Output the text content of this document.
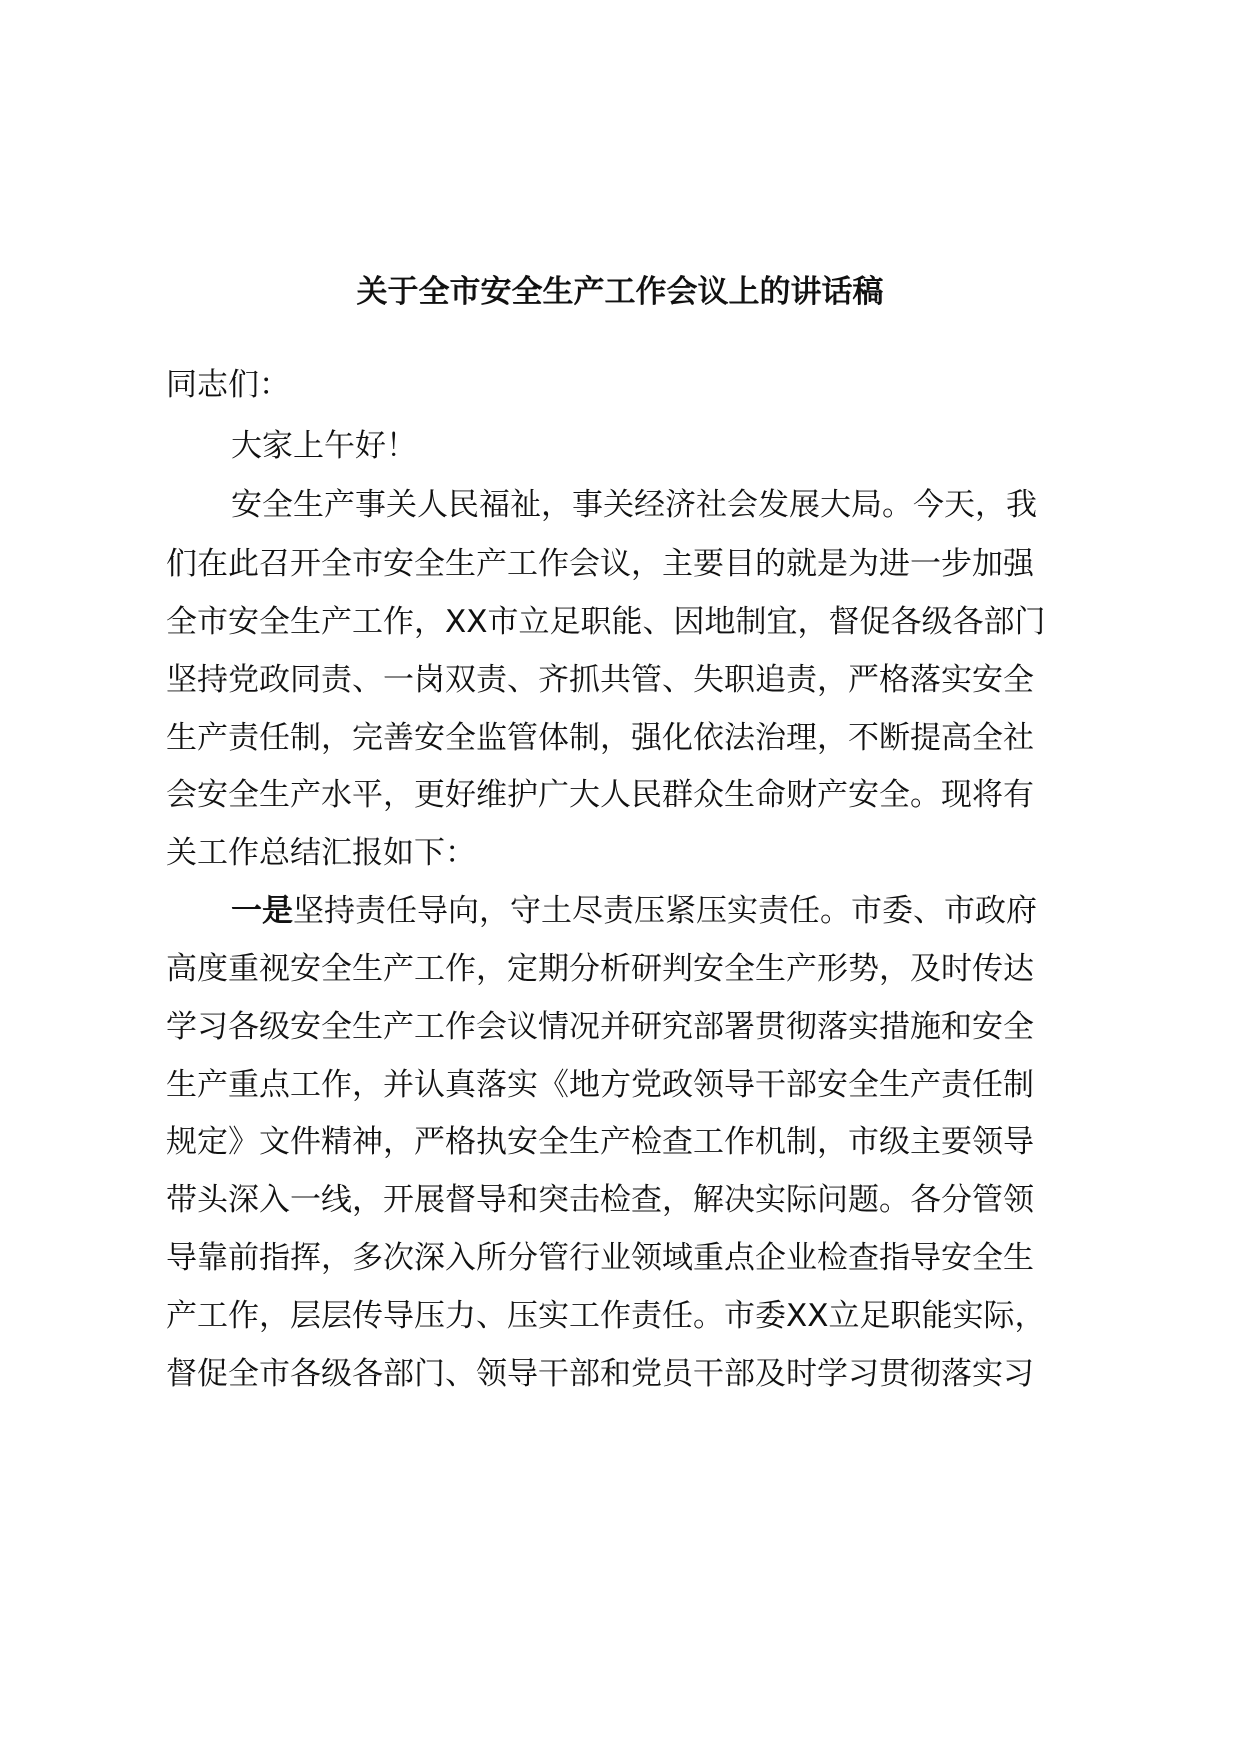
关于全市安全生产工作会议上的讲话稿
同志们：
大家上午好！
安全生产事关人民福祉，事关经济社会发展大局。今天，我
们在此召开全市安全生产工作会议，主要目的就是为进一步加强
全市安全生产工作，XX市立足职能、因地制宜，督促各级各部门
坚持党政同责、一岗双责、齐抓共管、失职追责，严格落实安全
生产责任制，完善安全监管体制，强化依法治理，不断提高全社
会安全生产水平，更好维护广大人民群众生命财产安全。现将有
关工作总结汇报如下：
一是坚持责任导向，守土尽责压紧压实责任。市委、市政府
高度重视安全生产工作，定期分析研判安全生产形势，及时传达
学习各级安全生产工作会议情况并研究部署贯彻落实措施和安全
生产重点工作，并认真落实《地方党政领导干部安全生产责任制
规定》文件精神，严格执安全生产检查工作机制，市级主要领导
带头深入一线，开展督导和突击检查，解决实际问题。各分管领
导靠前指挥，多次深入所分管行业领域重点企业检查指导安全生
产工作，层层传导压力、压实工作责任。市委XX立足职能实际，
督促全市各级各部门、领导干部和党员干部及时学习贯彻落实习
